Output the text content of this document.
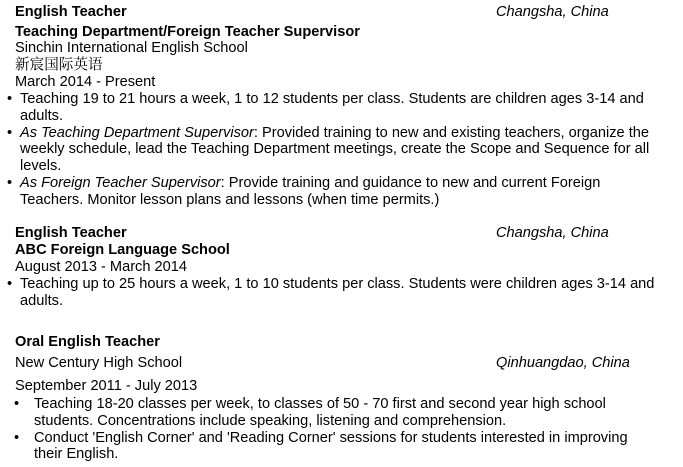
English Teacher	Changsha, China
Teaching Department/Foreign Teacher Supervisor
Sinchin International English School
新宸国际英语
March 2014 - Present
• Teaching 19 to 21 hours a week, 1 to 12 students per class. Students are children ages 3-14 and adults.
• As Teaching Department Supervisor: Provided training to new and existing teachers, organize the weekly schedule, lead the Teaching Department meetings, create the Scope and Sequence for all levels.
• As Foreign Teacher Supervisor: Provide training and guidance to new and current Foreign Teachers. Monitor lesson plans and lessons (when time permits.)
English Teacher	Changsha, China
ABC Foreign Language School
August 2013 - March 2014
• Teaching up to 25 hours a week, 1 to 10 students per class. Students were children ages 3-14 and adults.
Oral English Teacher
New Century High School	Qinhuangdao, China
September 2011 - July 2013
• Teaching 18-20 classes per week, to classes of 50 - 70 first and second year high school students. Concentrations include speaking, listening and comprehension.
• Conduct 'English Corner' and 'Reading Corner' sessions for students interested in improving their English.
